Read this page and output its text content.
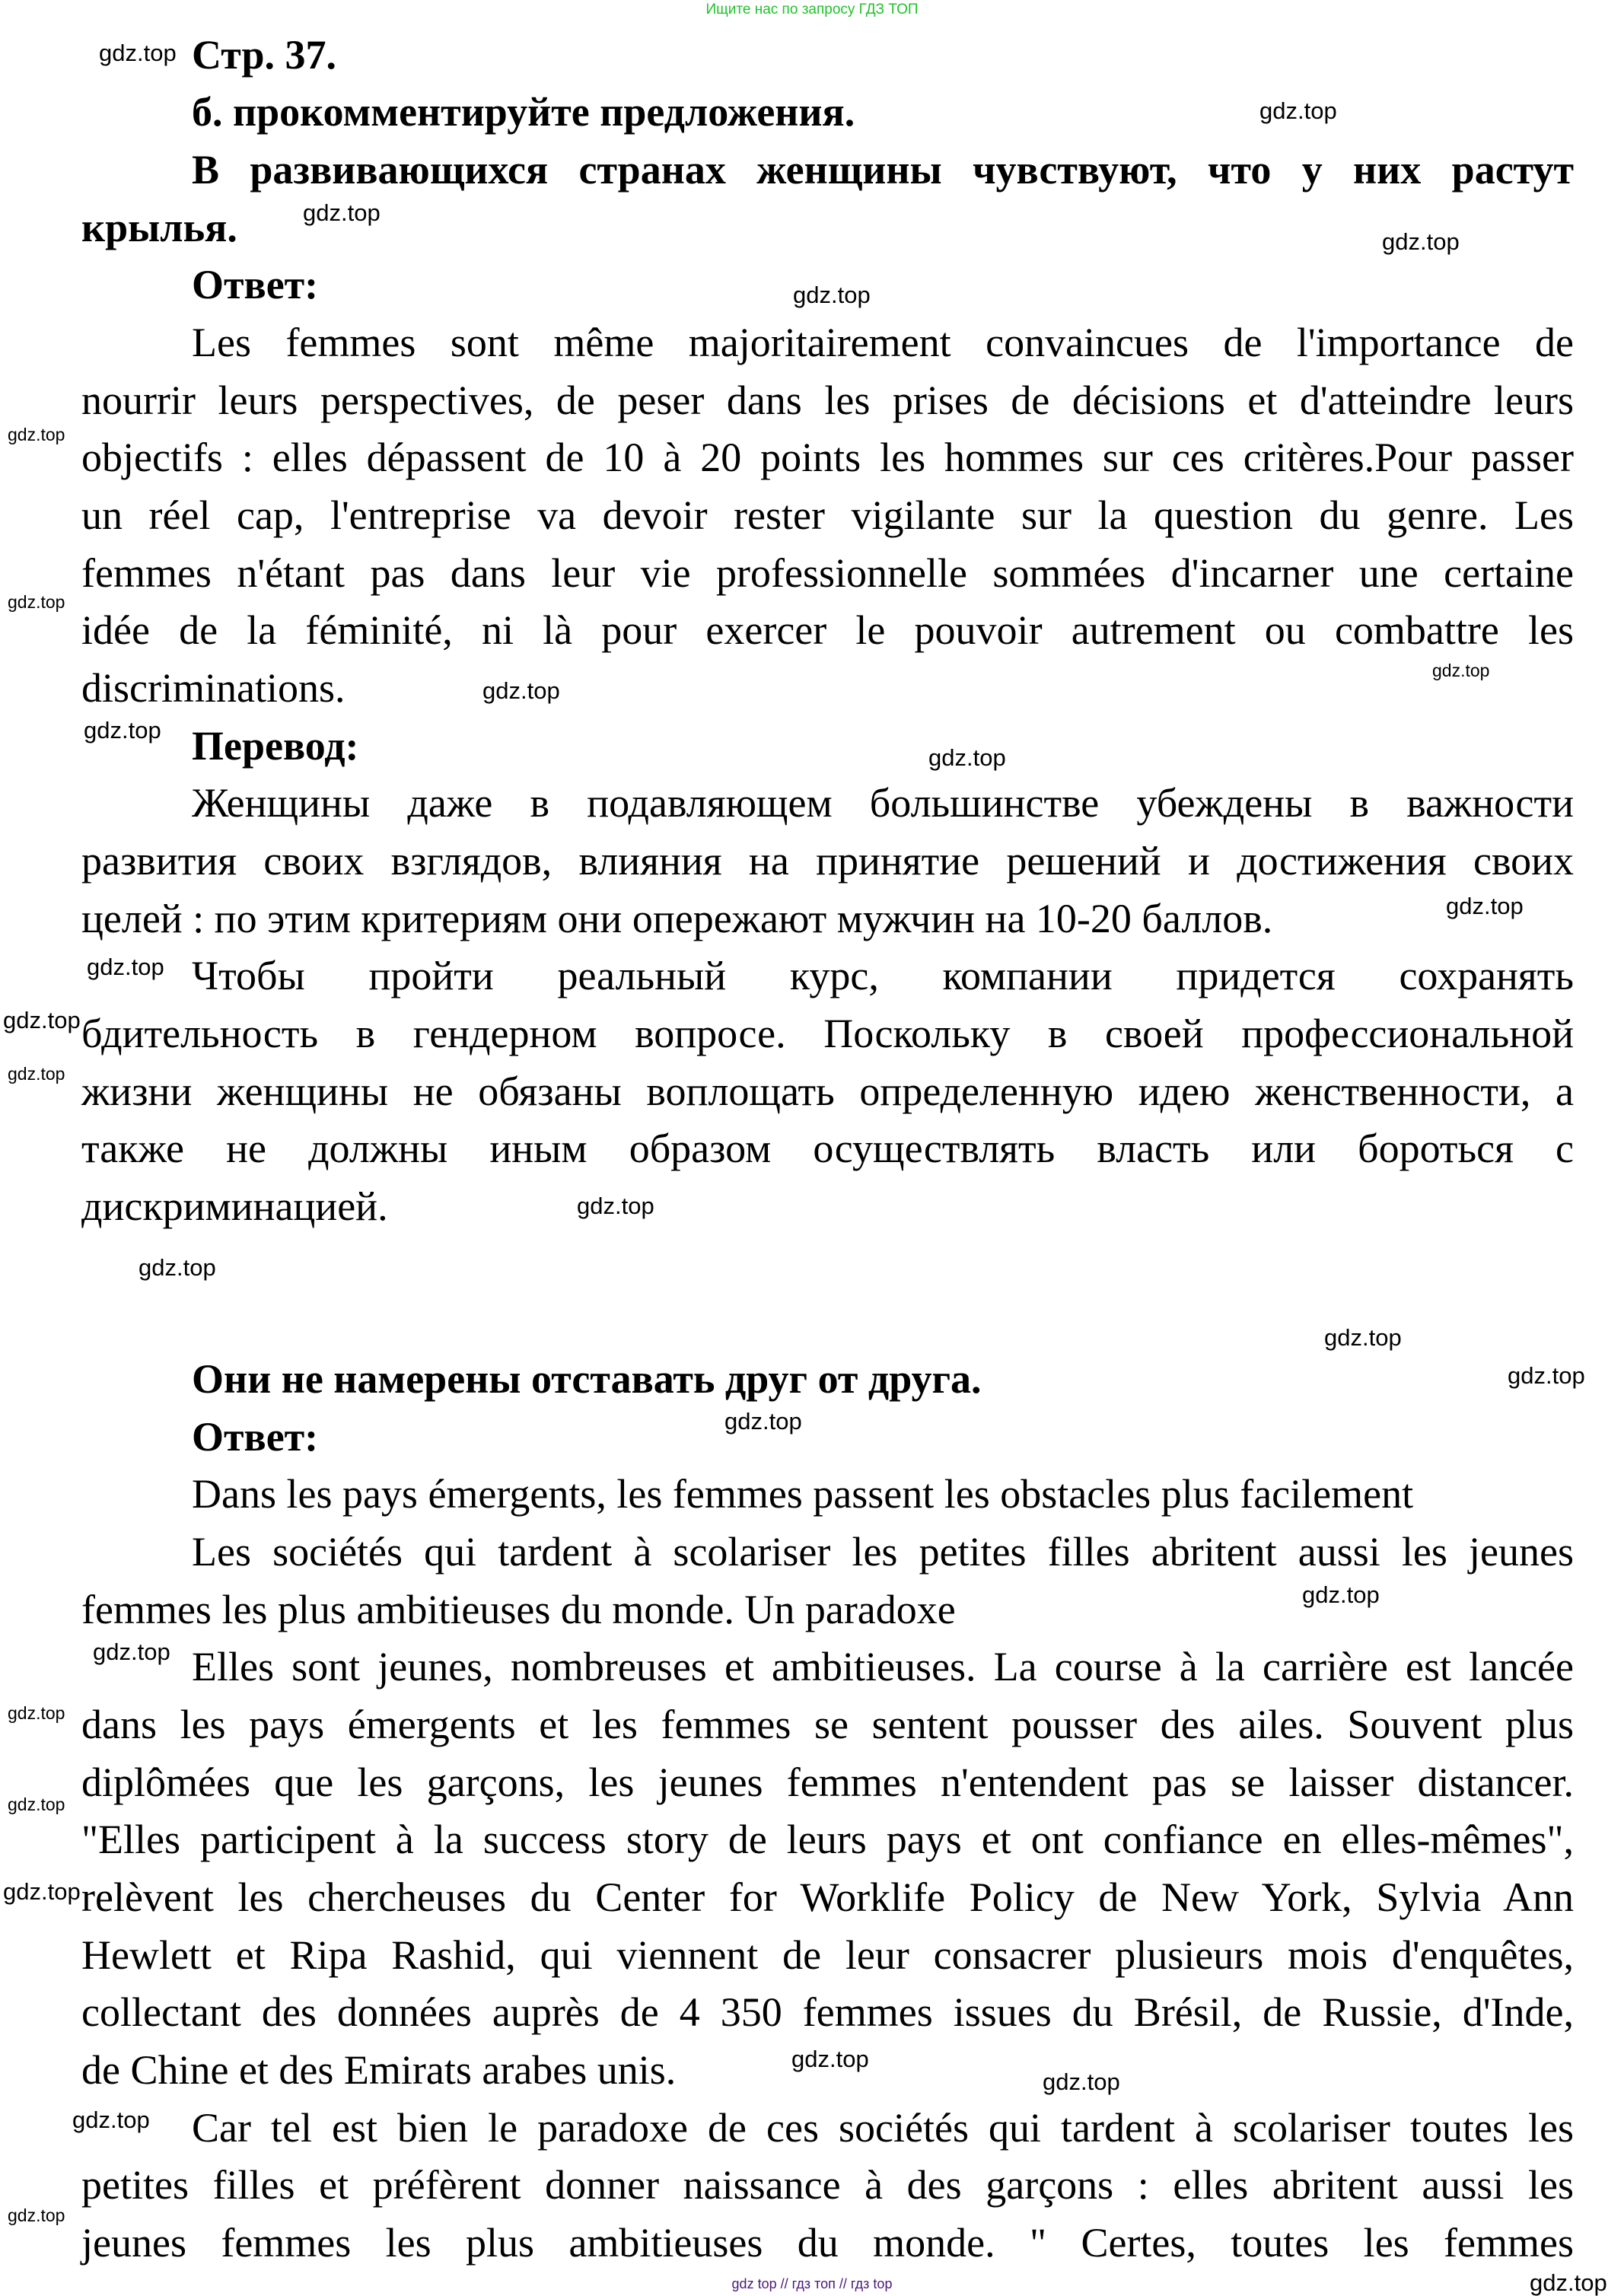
Ищите нас по запросу ГДЗ ТОП
Стр. 37.
б. прокомментируйте предложения.
В развивающихся странах женщины чувствуют, что у них растут
крылья.
Ответ:
Les femmes sont même majoritairement convaincues de l'importance de
nourrir leurs perspectives, de peser dans les prises de décisions et d'atteindre leurs
objectifs : elles dépassent de 10 à 20 points les hommes sur ces critères.Pour passer
un réel cap, l'entreprise va devoir rester vigilante sur la question du genre. Les
femmes n'étant pas dans leur vie professionnelle sommées d'incarner une certaine
idée de la féminité, ni là pour exercer le pouvoir autrement ou combattre les
discriminations.
Перевод:
Женщины даже в подавляющем большинстве убеждены в важности
развития своих взглядов, влияния на принятие решений и достижения своих
целей : по этим критериям они опережают мужчин на 10-20 баллов.
Чтобы пройти реальный курс, компании придется сохранять
бдительность в гендерном вопросе. Поскольку в своей профессиональной
жизни женщины не обязаны воплощать определенную идею женственности, а
также не должны иным образом осуществлять власть или бороться с
дискриминацией.
Они не намерены отставать друг от друга.
Ответ:
Dans les pays émergents, les femmes passent les obstacles plus facilement
Les sociétés qui tardent à scolariser les petites filles abritent aussi les jeunes
femmes les plus ambitieuses du monde. Un paradoxe
Elles sont jeunes, nombreuses et ambitieuses. La course à la carrière est lancée
dans les pays émergents et les femmes se sentent pousser des ailes. Souvent plus
diplômées que les garçons, les jeunes femmes n'entendent pas se laisser distancer.
"Elles participent à la success story de leurs pays et ont confiance en elles-mêmes",
relèvent les chercheuses du Center for Worklife Policy de New York, Sylvia Ann
Hewlett et Ripa Rashid, qui viennent de leur consacrer plusieurs mois d'enquêtes,
collectant des données auprès de 4 350 femmes issues du Brésil, de Russie, d'Inde,
de Chine et des Emirats arabes unis.
Car tel est bien le paradoxe de ces sociétés qui tardent à scolariser toutes les
petites filles et préfèrent donner naissance à des garçons : elles abritent aussi les
jeunes femmes les plus ambitieuses du monde. " Certes, toutes les femmes
gdz.top
gdz.top
gdz.top
gdz.top
gdz.top
gdz.top
gdz.top
gdz.top
gdz.top
gdz.top
gdz.top
gdz.top
gdz.top
gdz.top
gdz.top
gdz.top
gdz.top
gdz.top
gdz.top
gdz.top
gdz.top
gdz.top
gdz.top
gdz.top
gdz.top
gdz.top
gdz.top
gdz.top
gdz.top
gdz.top
gdz top // гдз топ // гдз top
